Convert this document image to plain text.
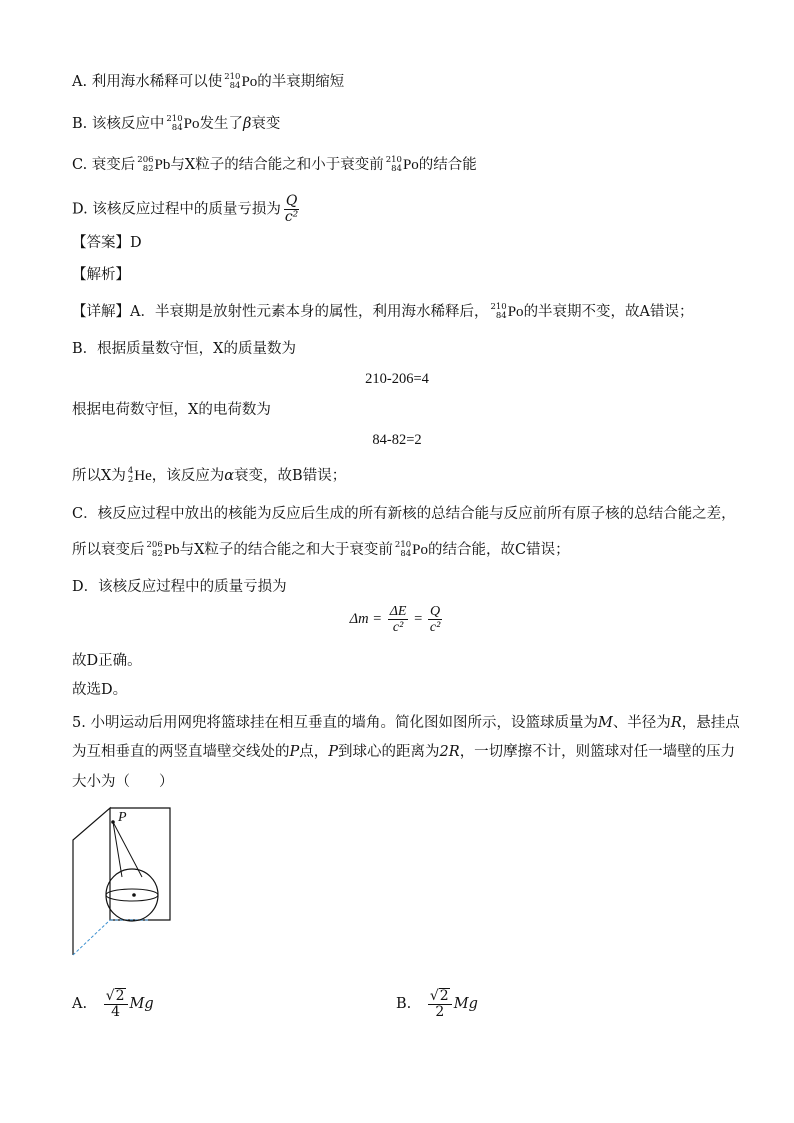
A. 利用海水稀释可以使 210
84 Po的半衰期缩短
B. 该核反应中 210
84 Po发生了β衰变
C. 衰变后 206
82 Pb与X粒子的结合能之和小于衰变前 210
84 Po的结合能
D. 该核反应过程中的质量亏损为 $\frac{Q}{\text{c²}}$
【答案】D
【解析】
【详解】A．半衰期是放射性元素本身的属性，利用海水稀释后， 210
84 Po的半衰期不变，故A错误；
B．根据质量数守恒，X的质量数为
210-206=4
根据电荷数守恒，X的电荷数为
84-82=2
所以X为 4
2 He，该反应为α衰变，故B错误；
C．核反应过程中放出的核能为反应后生成的所有新核的总结合能与反应前所有原子核的总结合能之差，
所以衰变后 206
82 Pb与X粒子的结合能之和大于衰变前 210
84 Po的结合能，故C错误；
D．该核反应过程中的质量亏损为
$\Delta m = \frac{\Delta E}{\text{c²}} = \frac{Q}{\text{c²}}$
故D正确。
故选D。
5. 小明运动后用网兜将篮球挂在相互垂直的墙角。简化图如图所示，设篮球质量为M、半径为R，悬挂点
为互相垂直的两竖直墙壁交线处的P点，P到球心的距离为2R，一切摩擦不计，则篮球对任一墙壁的压力
大小为（　　）
P
A. $\frac{√2}{4}$ Mg	B. $\frac{√2}{2}$ Mg
